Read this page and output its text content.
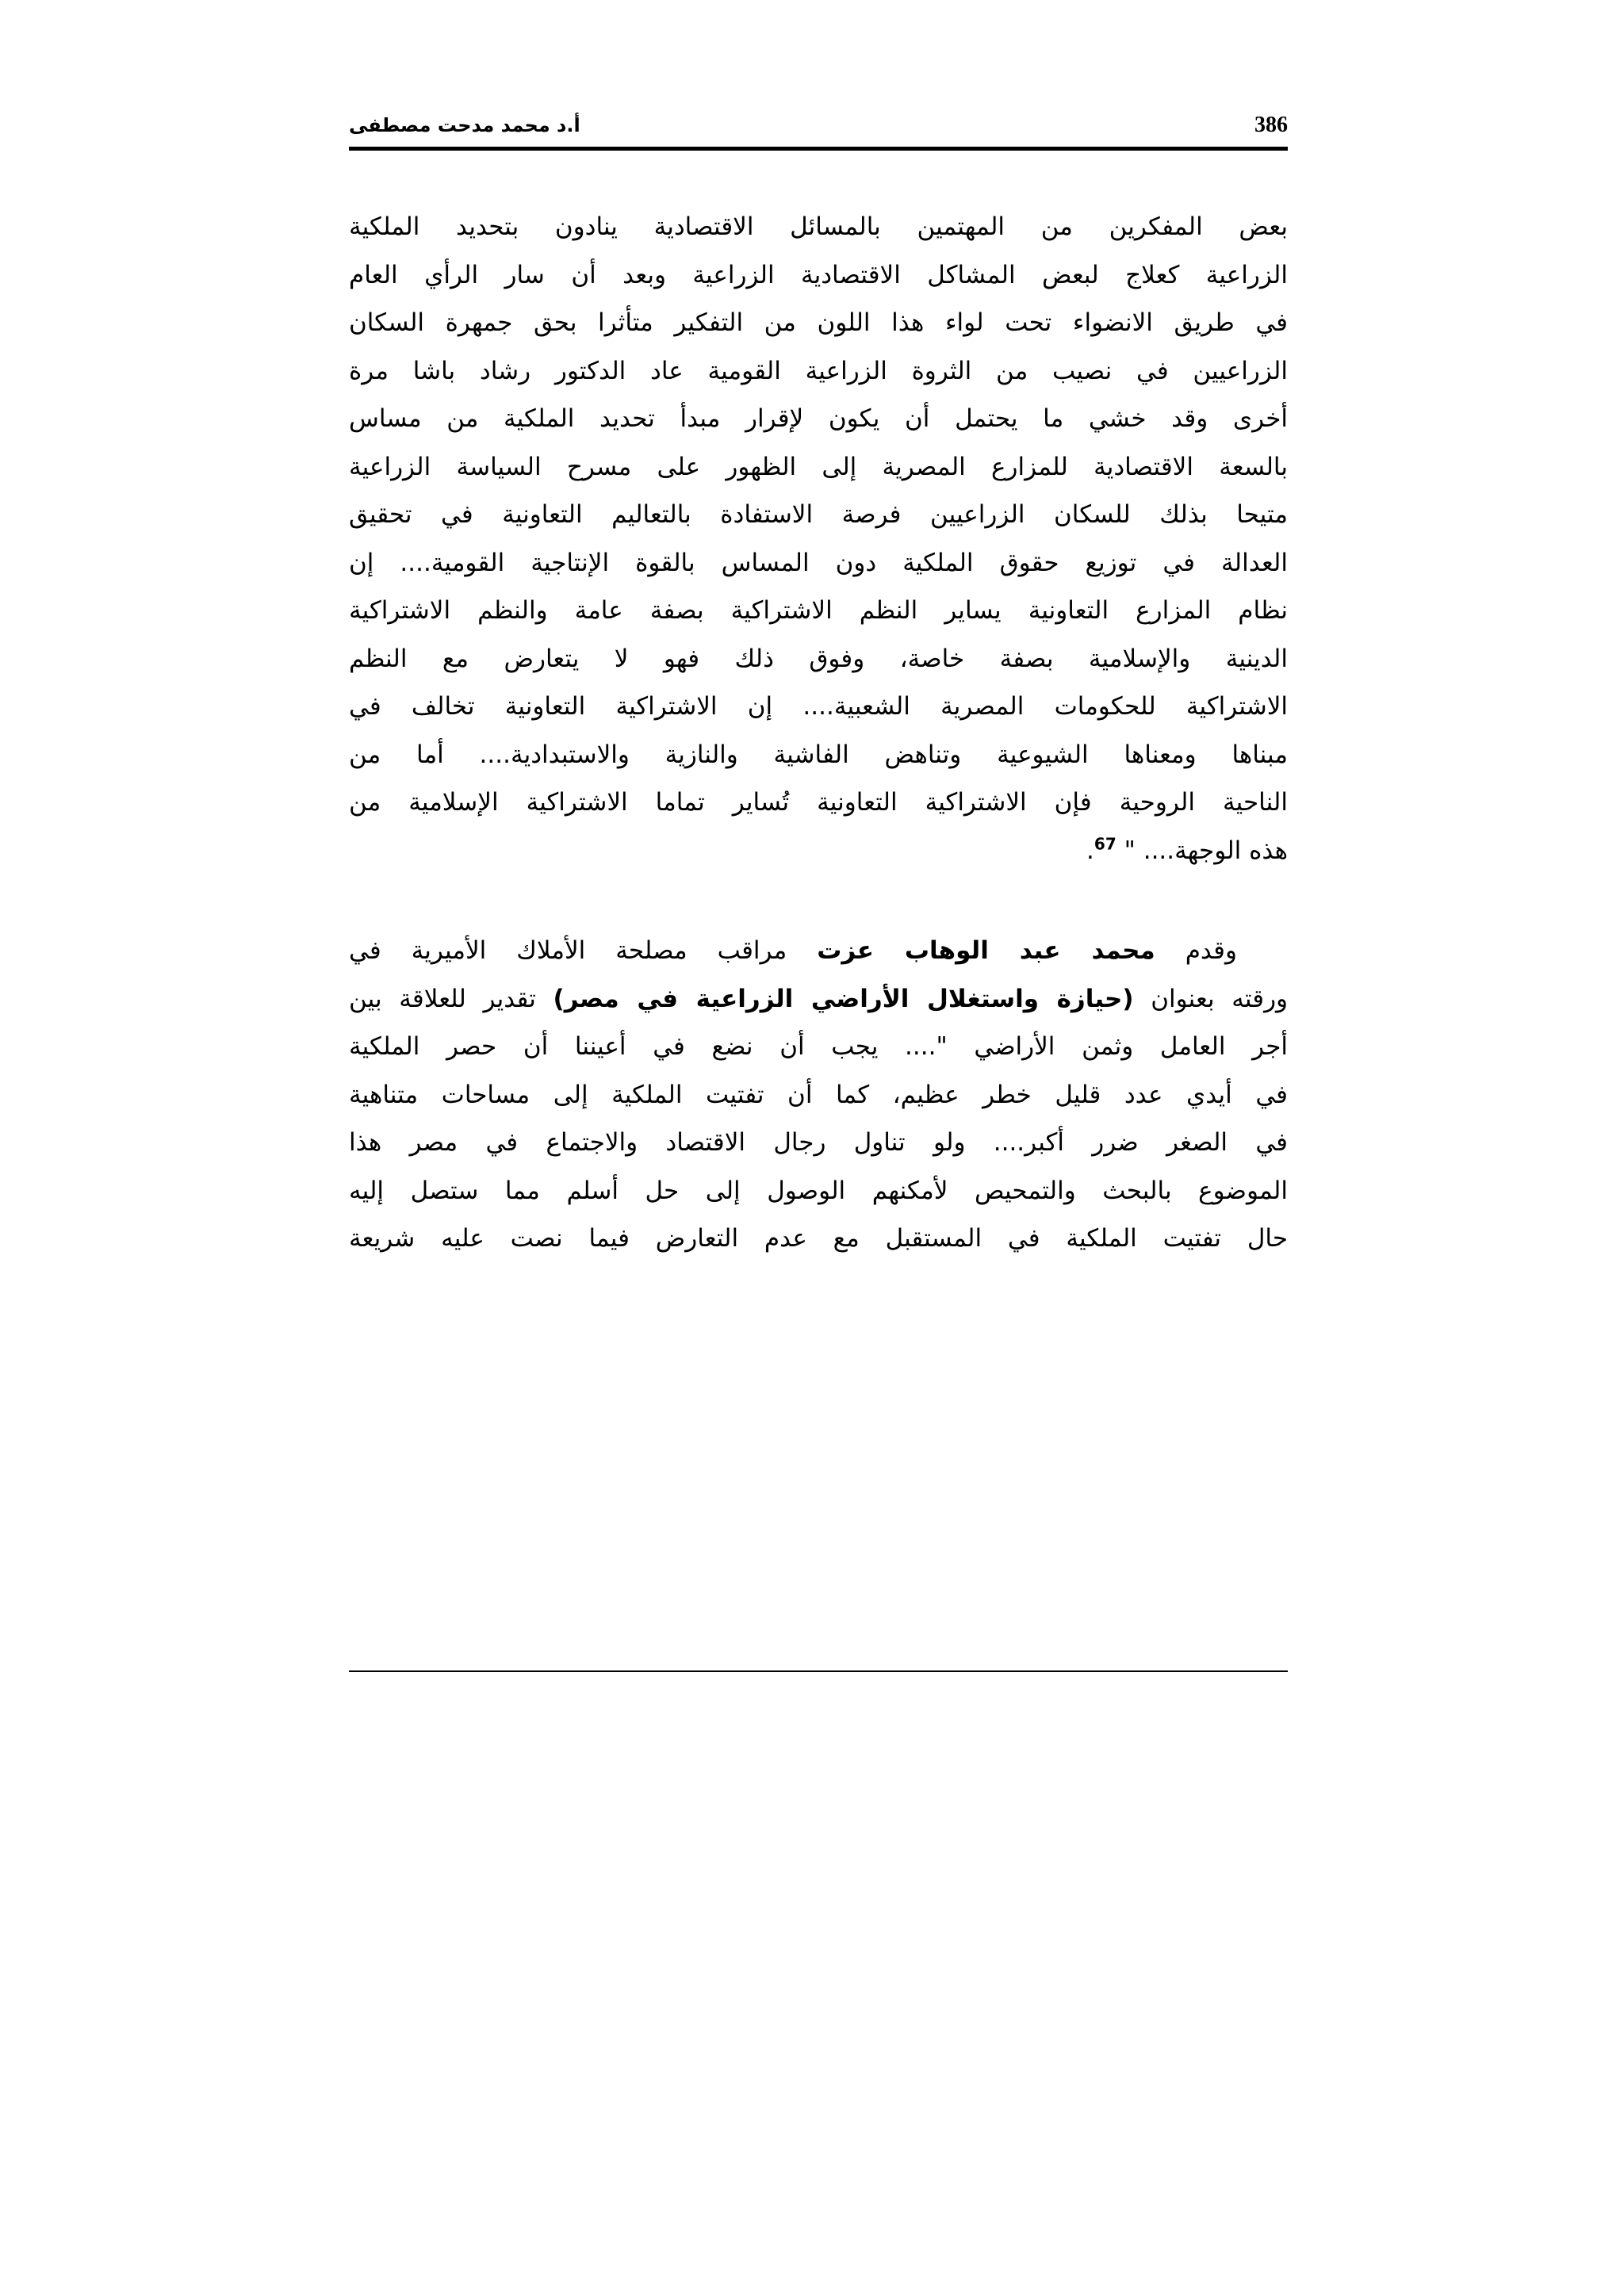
386
أ.د محمد مدحت مصطفى

بعض المفكرين من المهتمين بالمسائل الاقتصادية ينادون بتحديد الملكية
الزراعية كعلاج لبعض المشاكل الاقتصادية الزراعية وبعد أن سار الرأي العام
في طريق الانضواء تحت لواء هذا اللون من التفكير متأثرا بحق جمهرة السكان
الزراعيين في نصيب من الثروة الزراعية القومية عاد الدكتور رشاد باشا مرة
أخرى وقد خشي ما يحتمل أن يكون لإقرار مبدأ تحديد الملكية من مساس
بالسعة الاقتصادية للمزارع المصرية إلى الظهور على مسرح السياسة الزراعية
متيحا بذلك للسكان الزراعيين فرصة الاستفادة بالتعاليم التعاونية في تحقيق
العدالة في توزيع حقوق الملكية دون المساس بالقوة الإنتاجية القومية.... إن
نظام المزارع التعاونية يساير النظم الاشتراكية بصفة عامة والنظم الاشتراكية
الدينية والإسلامية بصفة خاصة، وفوق ذلك فهو لا يتعارض مع النظم
الاشتراكية للحكومات المصرية الشعبية.... إن الاشتراكية التعاونية تخالف في
مبناها ومعناها الشيوعية وتناهض الفاشية والنازية والاستبدادية.... أما من
الناحية الروحية فإن الاشتراكية التعاونية تُساير تماما الاشتراكية الإسلامية من
هذه الوجهة.... " $^{67}$.

وقدم محمد عبد الوهاب عزت مراقب مصلحة الأملاك الأميرية في
ورقته بعنوان (حيازة واستغلال الأراضي الزراعية في مصر) تقدير للعلاقة بين
أجر العامل وثمن الأراضي ".... يجب أن نضع في أعيننا أن حصر الملكية
في أيدي عدد قليل خطر عظيم، كما أن تفتيت الملكية إلى مساحات متناهية
في الصغر ضرر أكبر.... ولو تناول رجال الاقتصاد والاجتماع في مصر هذا
الموضوع بالبحث والتمحيص لأمكنهم الوصول إلى حل أسلم مما ستصل إليه
حال تفتيت الملكية في المستقبل مع عدم التعارض فيما نصت عليه شريعة
